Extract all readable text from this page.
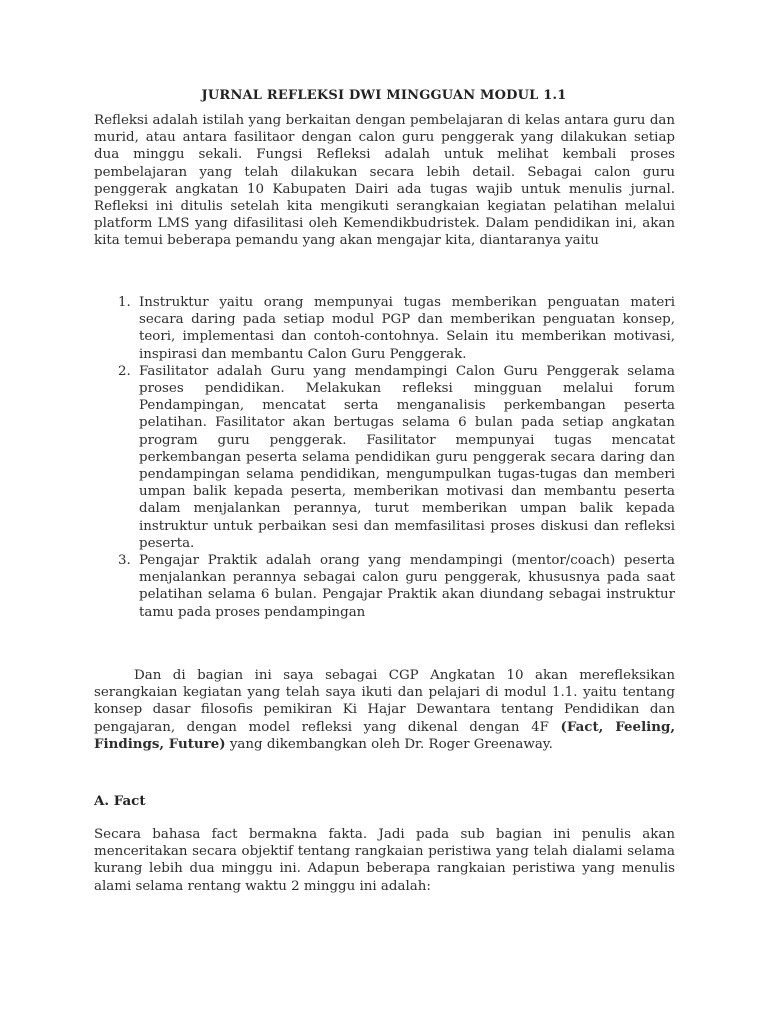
JURNAL REFLEKSI DWI MINGGUAN MODUL 1.1

Refleksi adalah istilah yang berkaitan dengan pembelajaran di kelas antara guru dan murid, atau antara fasilitaor dengan calon guru penggerak yang dilakukan setiap dua minggu sekali. Fungsi Refleksi adalah untuk melihat kembali proses pembelajaran yang telah dilakukan secara lebih detail. Sebagai calon guru penggerak angkatan 10 Kabupaten Dairi ada tugas wajib untuk menulis jurnal. Refleksi ini ditulis setelah kita mengikuti serangkaian kegiatan pelatihan melalui platform LMS yang difasilitasi oleh Kemendikbudristek. Dalam pendidikan ini, akan kita temui beberapa pemandu yang akan mengajar kita, diantaranya yaitu

1. Instruktur yaitu orang mempunyai tugas memberikan penguatan materi secara daring pada setiap modul PGP dan memberikan penguatan konsep, teori, implementasi dan contoh-contohnya. Selain itu memberikan motivasi, inspirasi dan membantu Calon Guru Penggerak.
2. Fasilitator adalah Guru yang mendampingi Calon Guru Penggerak selama proses pendidikan. Melakukan refleksi mingguan melalui forum Pendampingan, mencatat serta menganalisis perkembangan peserta pelatihan. Fasilitator akan bertugas selama 6 bulan pada setiap angkatan program guru penggerak. Fasilitator mempunyai tugas mencatat perkembangan peserta selama pendidikan guru penggerak secara daring dan pendampingan selama pendidikan, mengumpulkan tugas-tugas dan memberi umpan balik kepada peserta, memberikan motivasi dan membantu peserta dalam menjalankan perannya, turut memberikan umpan balik kepada instruktur untuk perbaikan sesi dan memfasilitasi proses diskusi dan refleksi peserta.
3. Pengajar Praktik adalah orang yang mendampingi (mentor/coach) peserta menjalankan perannya sebagai calon guru penggerak, khususnya pada saat pelatihan selama 6 bulan. Pengajar Praktik akan diundang sebagai instruktur tamu pada proses pendampingan

Dan di bagian ini saya sebagai CGP Angkatan 10 akan merefleksikan serangkaian kegiatan yang telah saya ikuti dan pelajari di modul 1.1. yaitu tentang konsep dasar filosofis pemikiran Ki Hajar Dewantara tentang Pendidikan dan pengajaran, dengan model refleksi yang dikenal dengan 4F (Fact, Feeling, Findings, Future) yang dikembangkan oleh Dr. Roger Greenaway.

A. Fact

Secara bahasa fact bermakna fakta. Jadi pada sub bagian ini penulis akan menceritakan secara objektif tentang rangkaian peristiwa yang telah dialami selama kurang lebih dua minggu ini. Adapun beberapa rangkaian peristiwa yang menulis alami selama rentang waktu 2 minggu ini adalah:
